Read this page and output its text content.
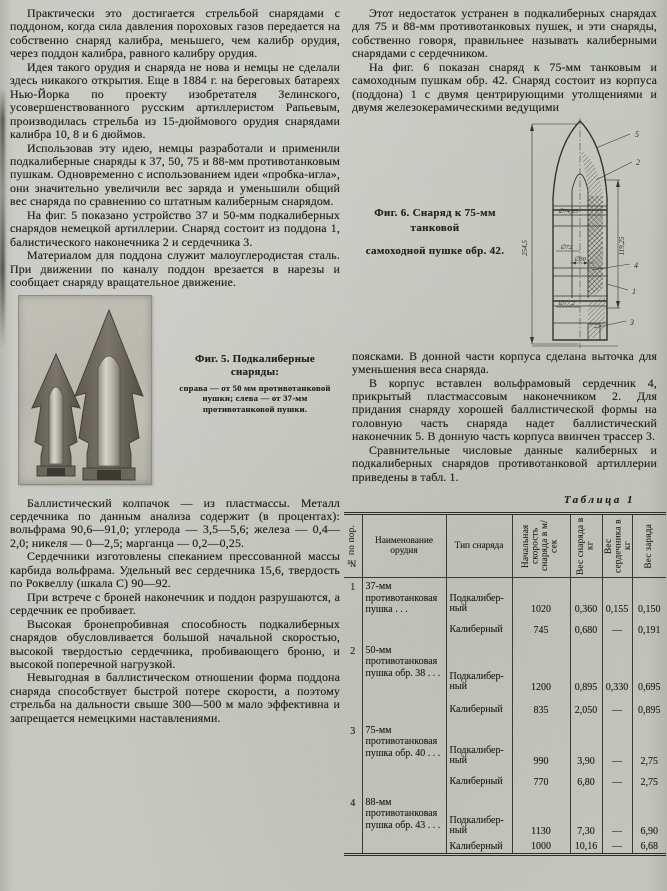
Практически это достигается стрельбой снарядами с поддоном, когда сила давления пороховых газов передается на собственно снаряд калибра, меньшего, чем калибр орудия, через поддон калибра, равного калибру орудия.

Идея такого орудия и снаряда не нова и немцы не сделали здесь никакого открытия. Еще в 1884 г. на береговых батареях Нью-Йорка по проекту изобретателя Зелинского, усовершенствованного русским артиллеристом Рапьевым, производилась стрельба из 15-дюймового орудия снарядами калибра 10, 8 и 6 дюймов.

Использовав эту идею, немцы разработали и применили подкалиберные снаряды к 37, 50, 75 и 88-мм противотанковым пушкам. Одновременно с использованием идеи «пробка-игла», они значительно увеличили вес заряда и уменьшили общий вес снаряда по сравнению со штатным калиберным снарядом.

На фиг. 5 показано устройство 37 и 50-мм подкалиберных снарядов немецкой артиллерии. Снаряд состоит из поддона 1, балистического наконечника 2 и сердечника 3.

Материалом для поддона служит малоуглеродистая сталь. При движении по каналу поддон врезается в нарезы и сообщает снаряду вращательное движение.

Фиг. 5. Подкалиберные снаряды:
справа — от 50 мм противотанковой пушки; слева — от 37-мм противотанковой пушки.

Баллистический колпачок — из пластмассы. Металл сердечника по данным анализа содержит (в процентах): вольфрама 90,6—91,0; углерода — 3,5—5,6; железа — 0,4—2,0; никеля — 0—2,5; марганца — 0,2—0,25.

Сердечники изготовлены спеканием прессованной массы карбида вольфрама. Удельный вес сердечника 15,6, твердость по Роквеллу (шкала С) 90—92.

При встрече с броней наконечник и поддон разрушаются, а сердечник ее пробивает.

Высокая бронепробивная способность подкалиберных снарядов обусловливается большой начальной скоростью, высокой твердостью сердечника, пробивающего броню, и высокой поперечной нагрузкой.

Невыгодная в баллистическом отношении форма поддона снаряда способствует быстрой потере скорости, а поэтому стрельба на дальности свыше 300—500 м мало эффективна и запрещается немецкими наставлениями.

Этот недостаток устранен в подкалиберных снарядах для 75 и 88-мм противотанковых пушек, и эти снаряды, собственно говоря, правильнее называть калиберными снарядами с сердечником.

На фиг. 6 показан снаряд к 75-мм танковым и самоходным пушкам обр. 42. Снаряд состоит из корпуса (поддона) 1 с двумя центрирующими утолщениями и двумя железокерамическими ведущими

Фиг. 6. Снаряд к 75-мм танковой
самоходной пушке обр. 42.	254,5	119,25
∅74,85
∅72
∅30
∅77,2
5
2
4
1
3

поясками. В донной части корпуса сделана выточка для уменьшения веса снаряда.

В корпус вставлен вольфрамовый сердечник 4, прикрытый пластмассовым наконечником 2. Для придания снаряду хорошей баллистической формы на головную часть снаряда надет баллистический наконечник 5. В донную часть корпуса ввинчен трассер 3.

Сравнительные числовые данные калиберных и подкалиберных снарядов противотанковой артиллерии приведены в табл. 1.

Таблица 1
№ по пор.	Наименование орудия	Тип снаряда	Начальная скорость снаряда в м/сек	Вес снаряда в кг	Вес сердечника в кг	Вес заряда

1	37-мм противотанковая пушка . . .	Подкалиберный	1020	0,360	0,155	0,150
		Калиберный	745	0,680	—	0,191
2	50-мм противотанковая пушка обр. 38 . . .	Подкалиберный	1200	0,895	0,330	0,695
		Калиберный	835	2,050	—	0,895
3	75-мм противотанковая пушка обр. 40 . . .	Подкалиберный	990	3,90	—	2,75
		Калиберный	770	6,80	—	2,75
4	88-мм противотанковая пушка обр. 43 . . .	Подкалиберный	1130	7,30	—	6,90
		Калиберный	1000	10,16	—	6,68
